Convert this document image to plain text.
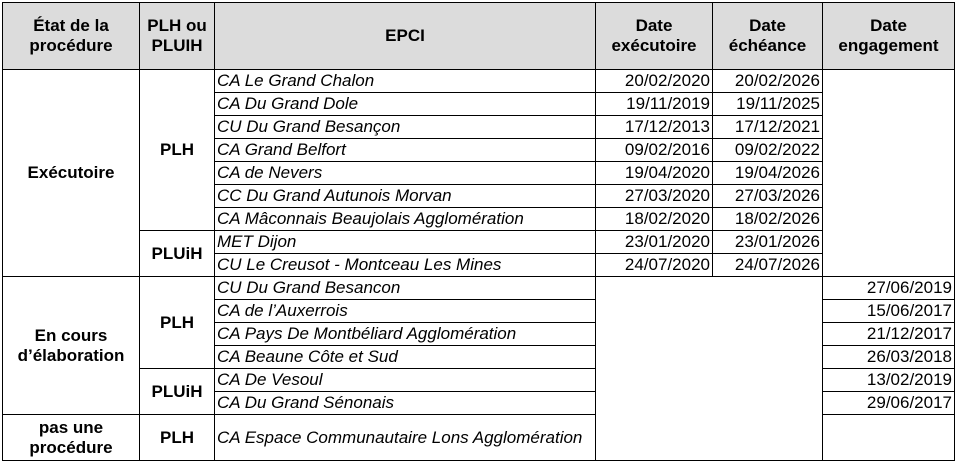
État de la procédure	PLH ou PLUIH	EPCI	Date exécutoire	Date échéance	Date engagement
Exécutoire	PLH	CA Le Grand Chalon	20/02/2020	20/02/2026	
		CA Du Grand Dole	19/11/2019	19/11/2025	
		CU Du Grand Besançon	17/12/2013	17/12/2021	
		CA Grand Belfort	09/02/2016	09/02/2022	
		CA de Nevers	19/04/2020	19/04/2026	
		CC Du Grand Autunois Morvan	27/03/2020	27/03/2026	
		CA Mâconnais Beaujolais Agglomération	18/02/2020	18/02/2026	
	PLUiH	MET Dijon	23/01/2020	23/01/2026	
		CU Le Creusot - Montceau Les Mines	24/07/2020	24/07/2026	
En cours d’élaboration	PLH	CU Du Grand Besancon			27/06/2019
		CA de l’Auxerrois			15/06/2017
		CA Pays De Montbéliard Agglomération			21/12/2017
		CA Beaune Côte et Sud			26/03/2018
	PLUiH	CA De Vesoul			13/02/2019
		CA Du Grand Sénonais			29/06/2017
pas une procédure	PLH	CA Espace Communautaire Lons Agglomération			
